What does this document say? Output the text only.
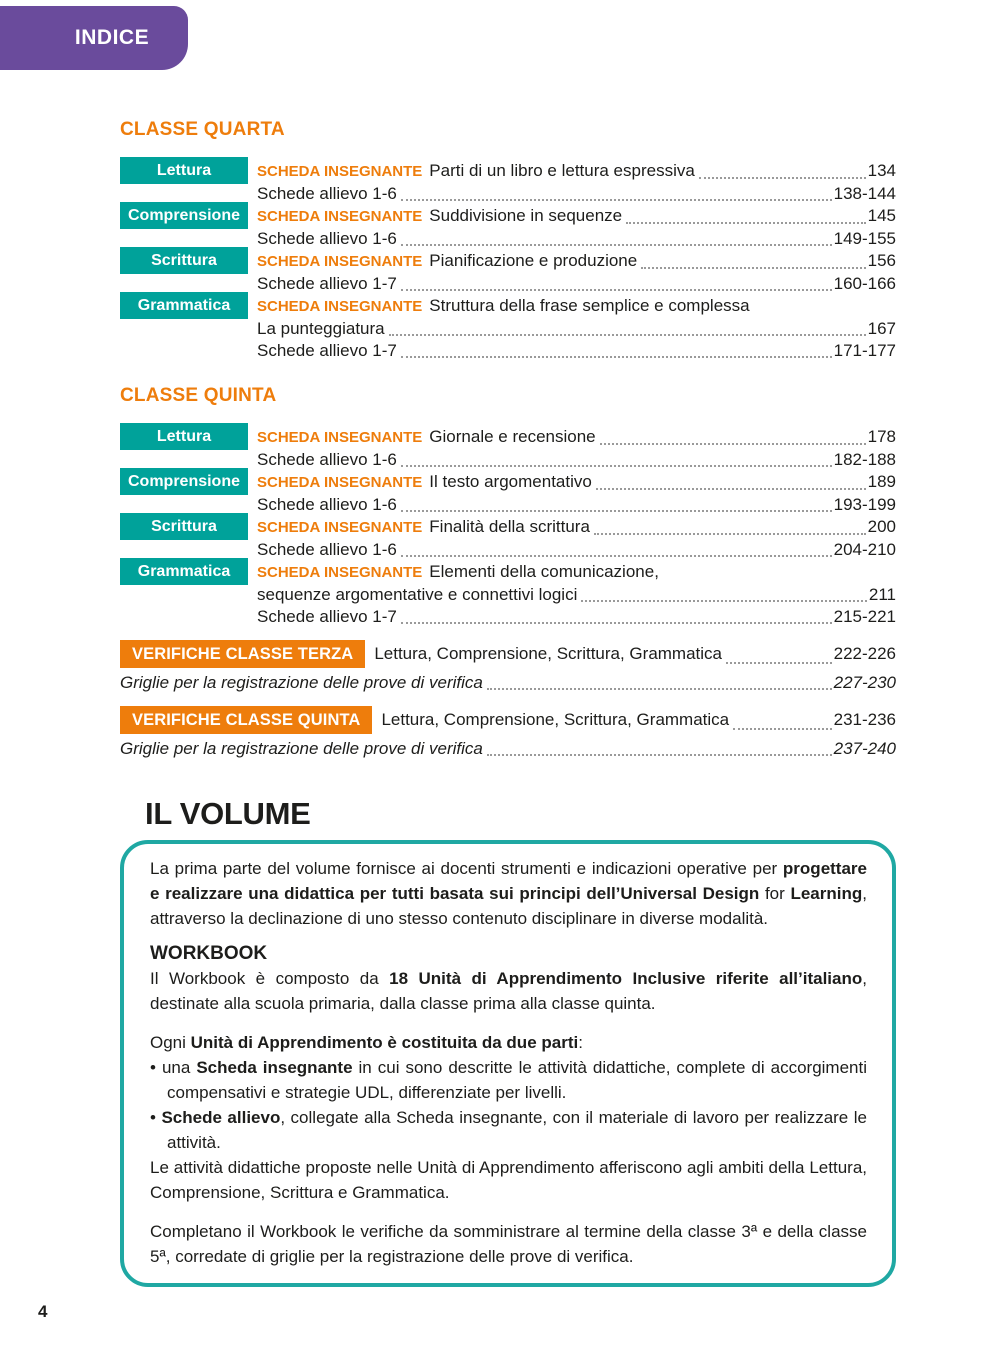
INDICE
CLASSE QUARTA
Lettura	SCHEDA INSEGNANTE Parti di un libro e lettura espressiva	134
Schede allievo 1-6	138-144
Comprensione	SCHEDA INSEGNANTE Suddivisione in sequenze	145
Schede allievo 1-6	149-155
Scrittura	SCHEDA INSEGNANTE Pianificazione e produzione	156
Schede allievo 1-7	160-166
Grammatica	SCHEDA INSEGNANTE Struttura della frase semplice e complessa
La punteggiatura	167
Schede allievo 1-7	171-177
CLASSE QUINTA
Lettura	SCHEDA INSEGNANTE Giornale e recensione	178
Schede allievo 1-6	182-188
Comprensione	SCHEDA INSEGNANTE Il testo argomentativo	189
Schede allievo 1-6	193-199
Scrittura	SCHEDA INSEGNANTE Finalità della scrittura	200
Schede allievo 1-6	204-210
Grammatica	SCHEDA INSEGNANTE Elementi della comunicazione,
sequenze argomentative e connettivi logici	211
Schede allievo 1-7	215-221
VERIFICHE CLASSE TERZA	Lettura, Comprensione, Scrittura, Grammatica	222-226
Griglie per la registrazione delle prove di verifica	227-230
VERIFICHE CLASSE QUINTA	Lettura, Comprensione, Scrittura, Grammatica	231-236
Griglie per la registrazione delle prove di verifica	237-240
IL VOLUME

La prima parte del volume fornisce ai docenti strumenti e indicazioni operative per progettare e realizzare una didattica per tutti basata sui principi dell’Universal Design for Learning, attraverso la declinazione di uno stesso contenuto disciplinare in diverse modalità.

WORKBOOK

Il Workbook è composto da 18 Unità di Apprendimento Inclusive riferite all’italiano, destinate alla scuola primaria, dalla classe prima alla classe quinta.

Ogni Unità di Apprendimento è costituita da due parti:

• una Scheda insegnante in cui sono descritte le attività didattiche, complete di accorgimenti compensativi e strategie UDL, differenziate per livelli.

• Schede allievo, collegate alla Scheda insegnante, con il materiale di lavoro per realizzare le attività.

Le attività didattiche proposte nelle Unità di Apprendimento afferiscono agli ambiti della Lettura, Comprensione, Scrittura e Grammatica.

Completano il Workbook le verifiche da somministrare al termine della classe 3ª e della classe 5ª, corredate di griglie per la registrazione delle prove di verifica.

4
